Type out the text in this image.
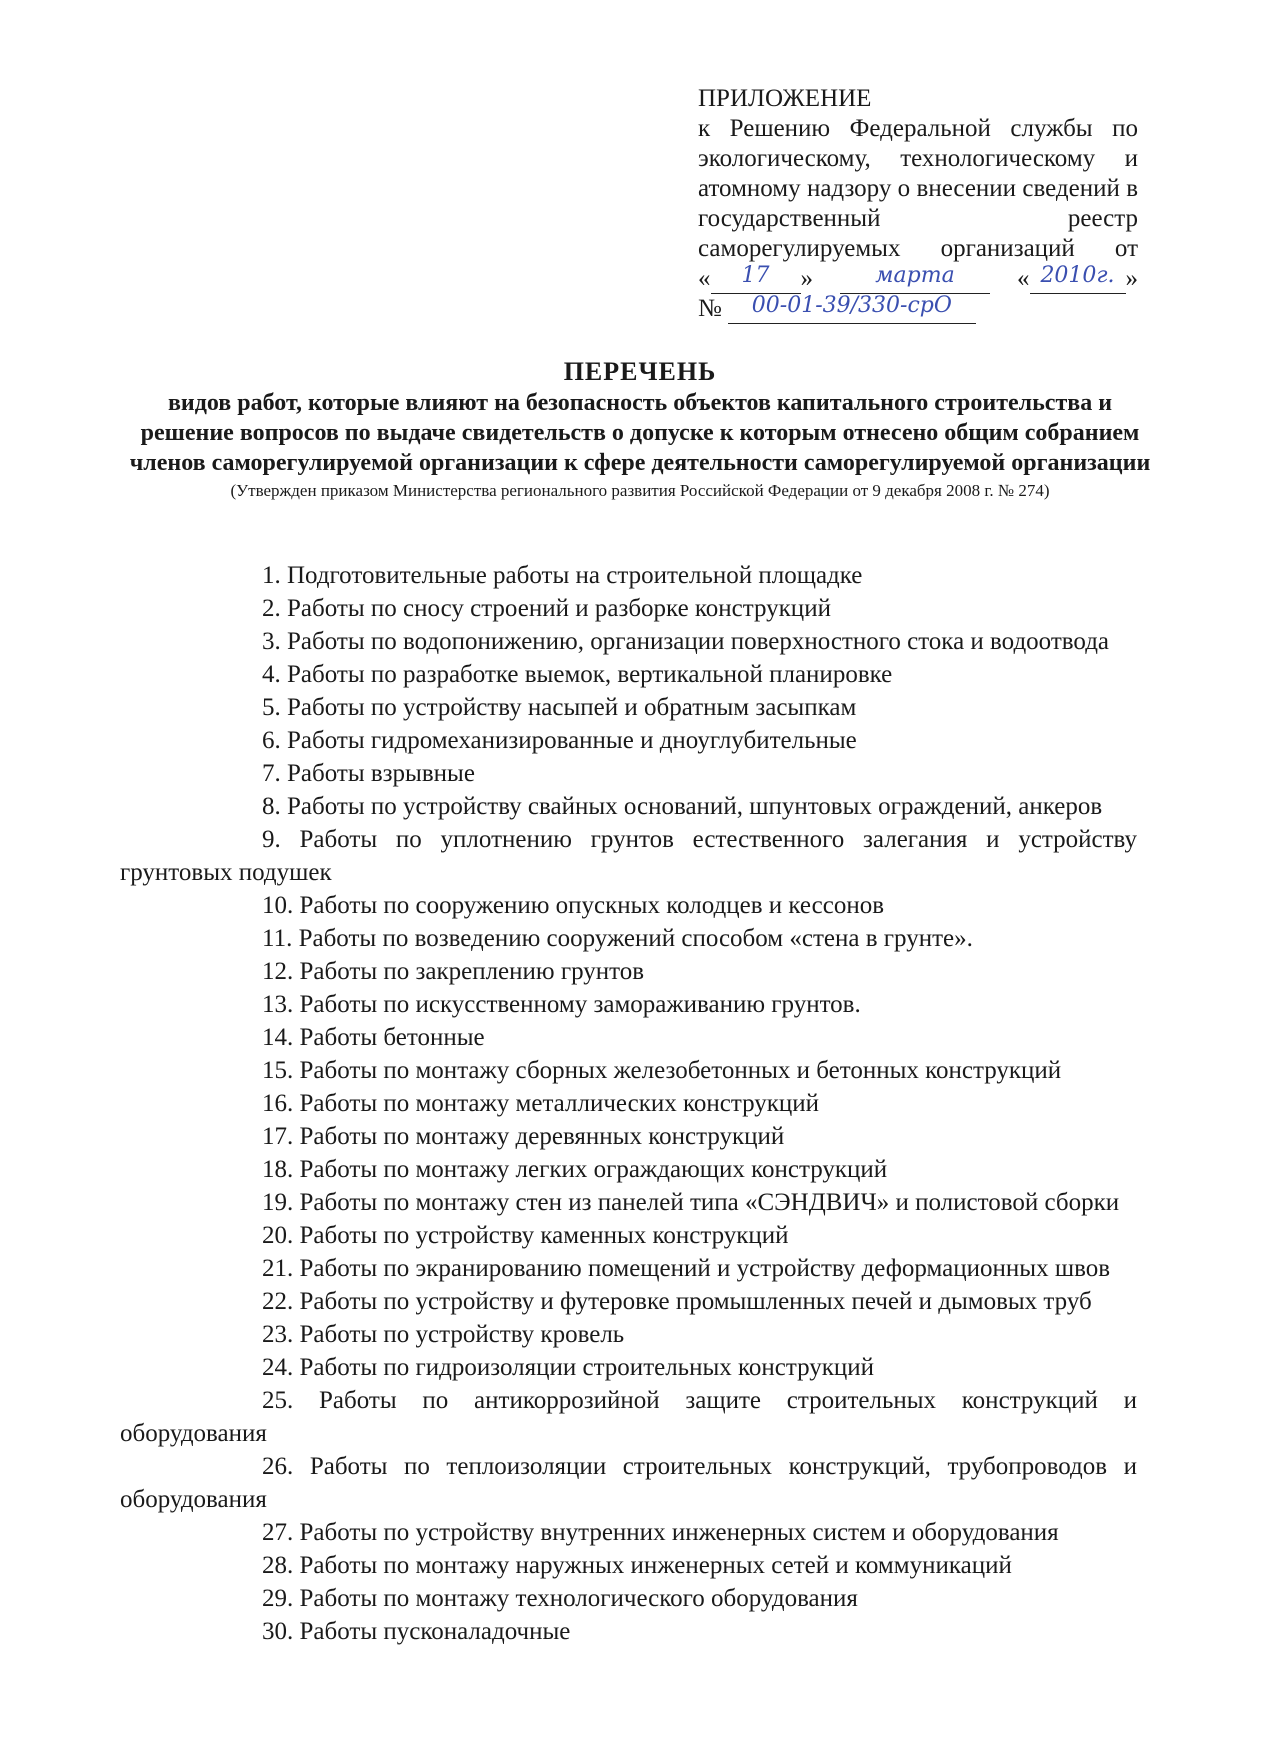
ПРИЛОЖЕНИЕ
к Решению Федеральной службы по экологическому, технологическому и атомному надзору о внесении сведений в государственный реестр саморегулируемых организаций от
«	17	»	марта	« 2010г. »
№	00-01-39/330-срО
ПЕРЕЧЕНЬ
видов работ, которые влияют на безопасность объектов капитального строительства и решение вопросов по выдаче свидетельств о допуске к которым отнесено общим собранием членов саморегулируемой организации к сфере деятельности саморегулируемой организации
(Утвержден приказом Министерства регионального развития Российской Федерации от 9 декабря 2008 г. № 274)
1. Подготовительные работы на строительной площадке
2. Работы по сносу строений и разборке конструкций
3. Работы по водопонижению, организации поверхностного стока и водоотвода
4. Работы по разработке выемок, вертикальной планировке
5. Работы по устройству насыпей и обратным засыпкам
6. Работы гидромеханизированные и дноуглубительные
7. Работы взрывные
8. Работы по устройству свайных оснований, шпунтовых ограждений, анкеров
9. Работы по уплотнению грунтов естественного залегания и устройству грунтовых подушек
10. Работы по сооружению опускных колодцев и кессонов
11. Работы по возведению сооружений способом «стена в грунте».
12. Работы по закреплению грунтов
13. Работы по искусственному замораживанию грунтов.
14. Работы бетонные
15. Работы по монтажу сборных железобетонных и бетонных конструкций
16. Работы по монтажу металлических конструкций
17. Работы по монтажу деревянных конструкций
18. Работы по монтажу легких ограждающих конструкций
19. Работы по монтажу стен из панелей типа «СЭНДВИЧ» и полистовой сборки
20. Работы по устройству каменных конструкций
21. Работы по экранированию помещений и устройству деформационных швов
22. Работы по устройству и футеровке промышленных печей и дымовых труб
23. Работы по устройству кровель
24. Работы по гидроизоляции строительных конструкций
25. Работы по антикоррозийной защите строительных конструкций и оборудования
26. Работы по теплоизоляции строительных конструкций, трубопроводов и оборудования
27. Работы по устройству внутренних инженерных систем и оборудования
28. Работы по монтажу наружных инженерных сетей и коммуникаций
29. Работы по монтажу технологического оборудования
30. Работы пусконаладочные
